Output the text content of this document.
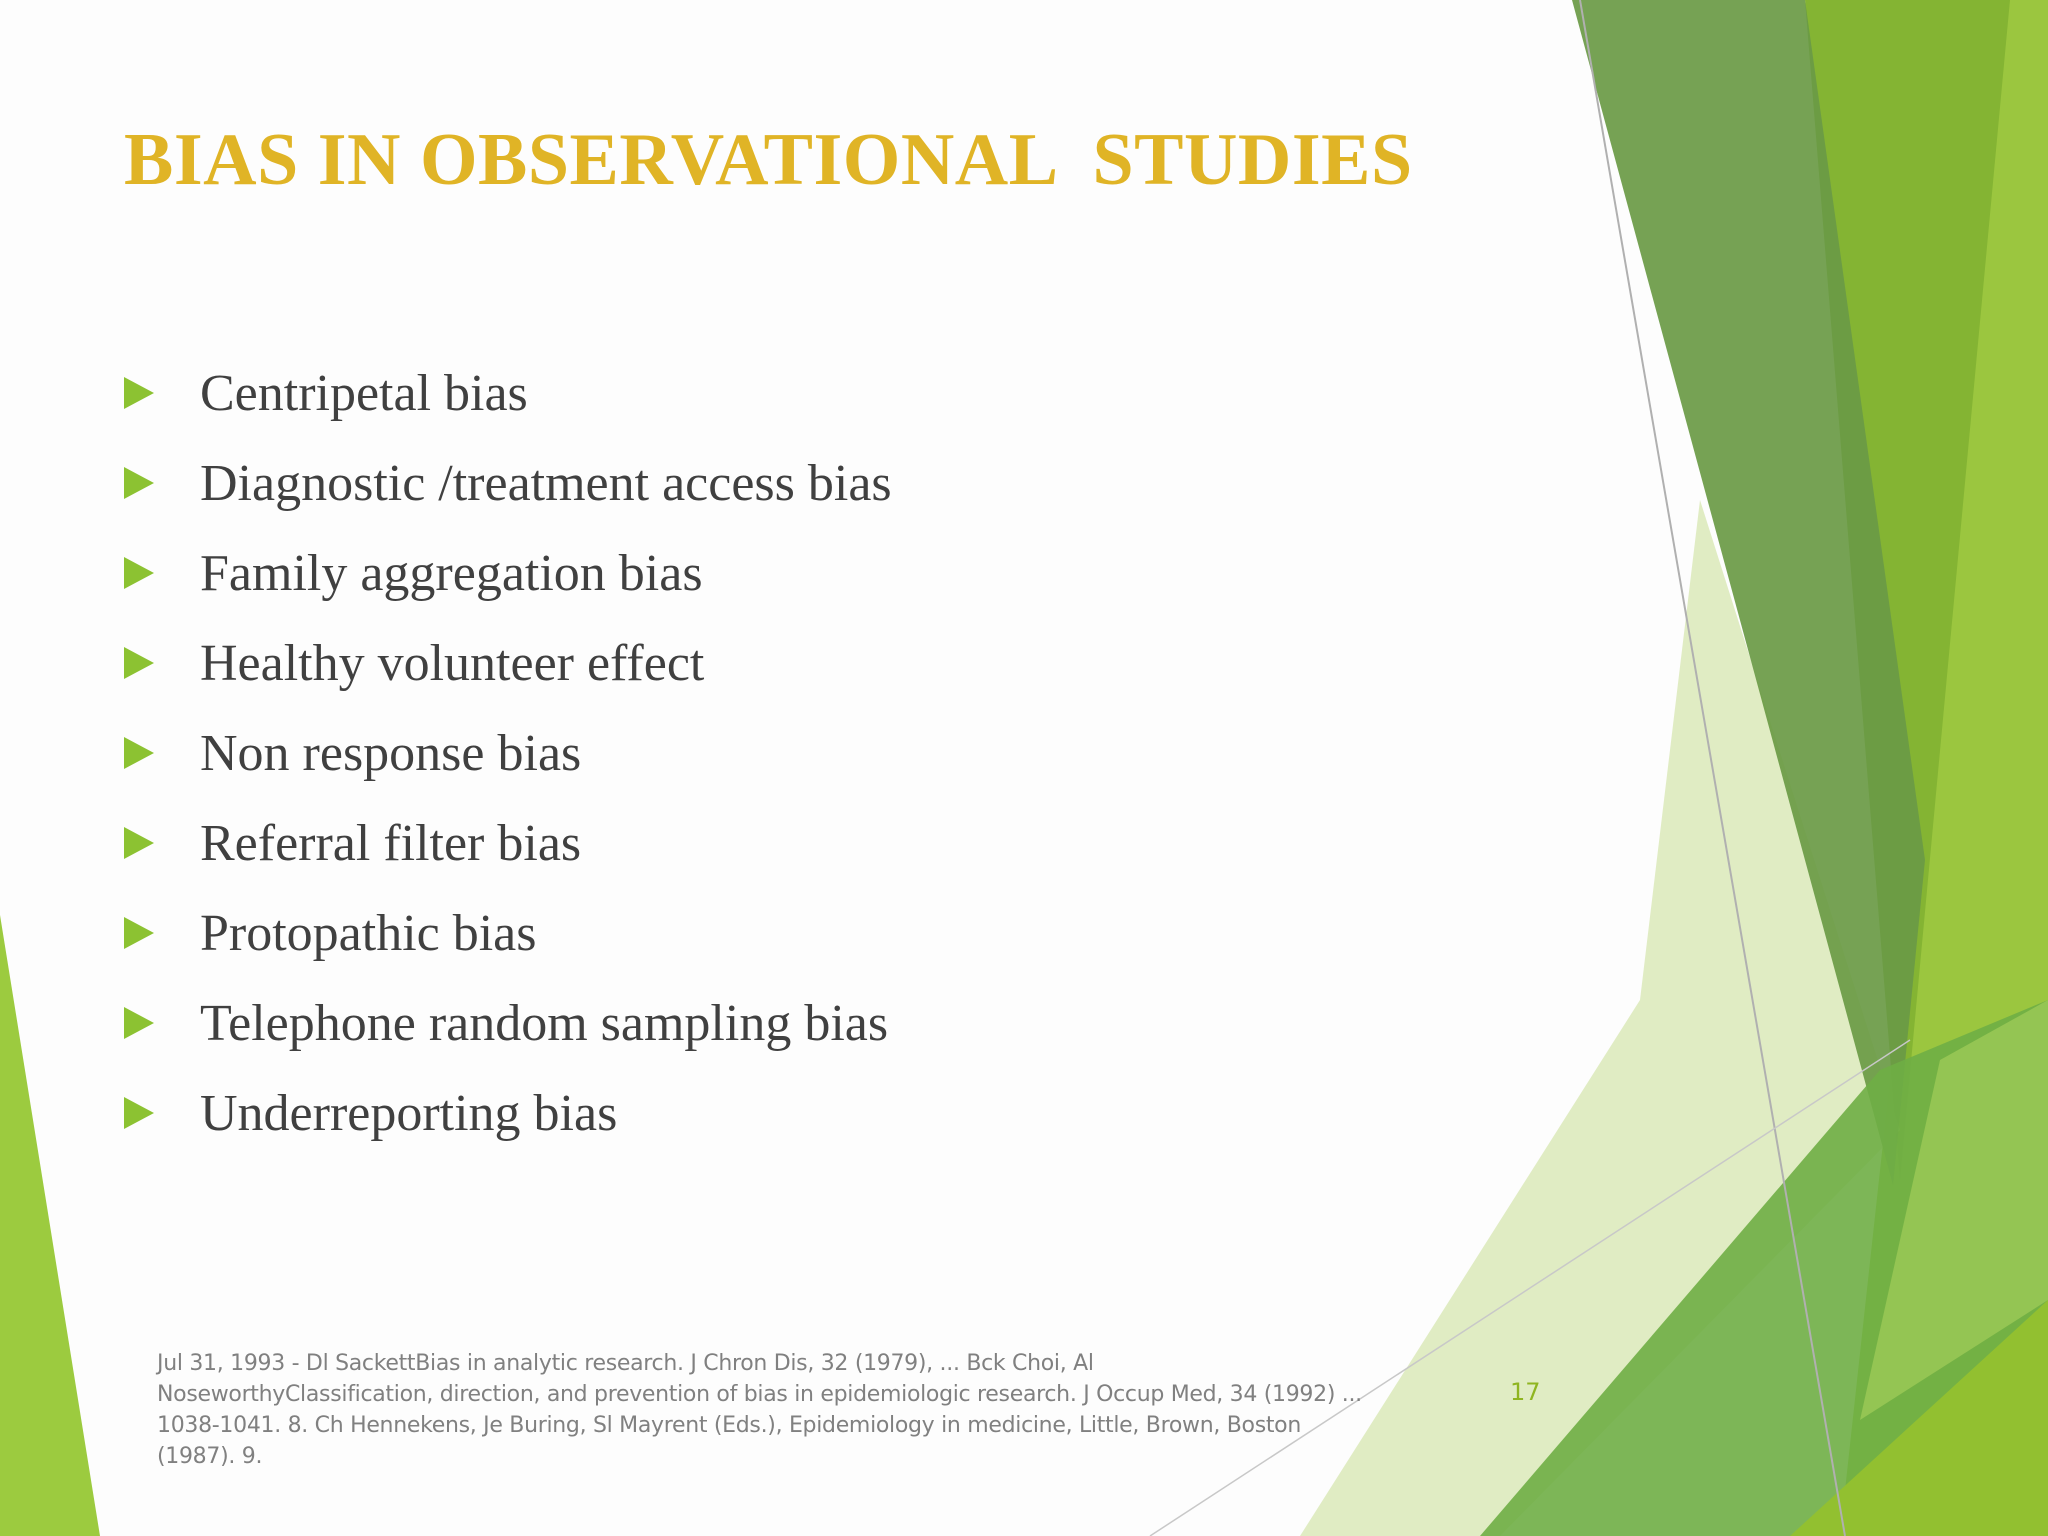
BIAS IN OBSERVATIONAL  STUDIES
Centripetal bias
Diagnostic /treatment access bias
Family aggregation bias
Healthy volunteer effect
Non response bias
Referral filter bias
Protopathic bias
Telephone random sampling bias
Underreporting bias
Jul 31, 1993 - Dl SackettBias in analytic research. J Chron Dis, 32 (1979), ... Bck Choi, Al NoseworthyClassification, direction, and prevention of bias in epidemiologic research. J Occup Med, 34 (1992) ... 1038-1041. 8. Ch Hennekens, Je Buring, Sl Mayrent (Eds.), Epidemiology in medicine, Little, Brown, Boston (1987). 9.
17
